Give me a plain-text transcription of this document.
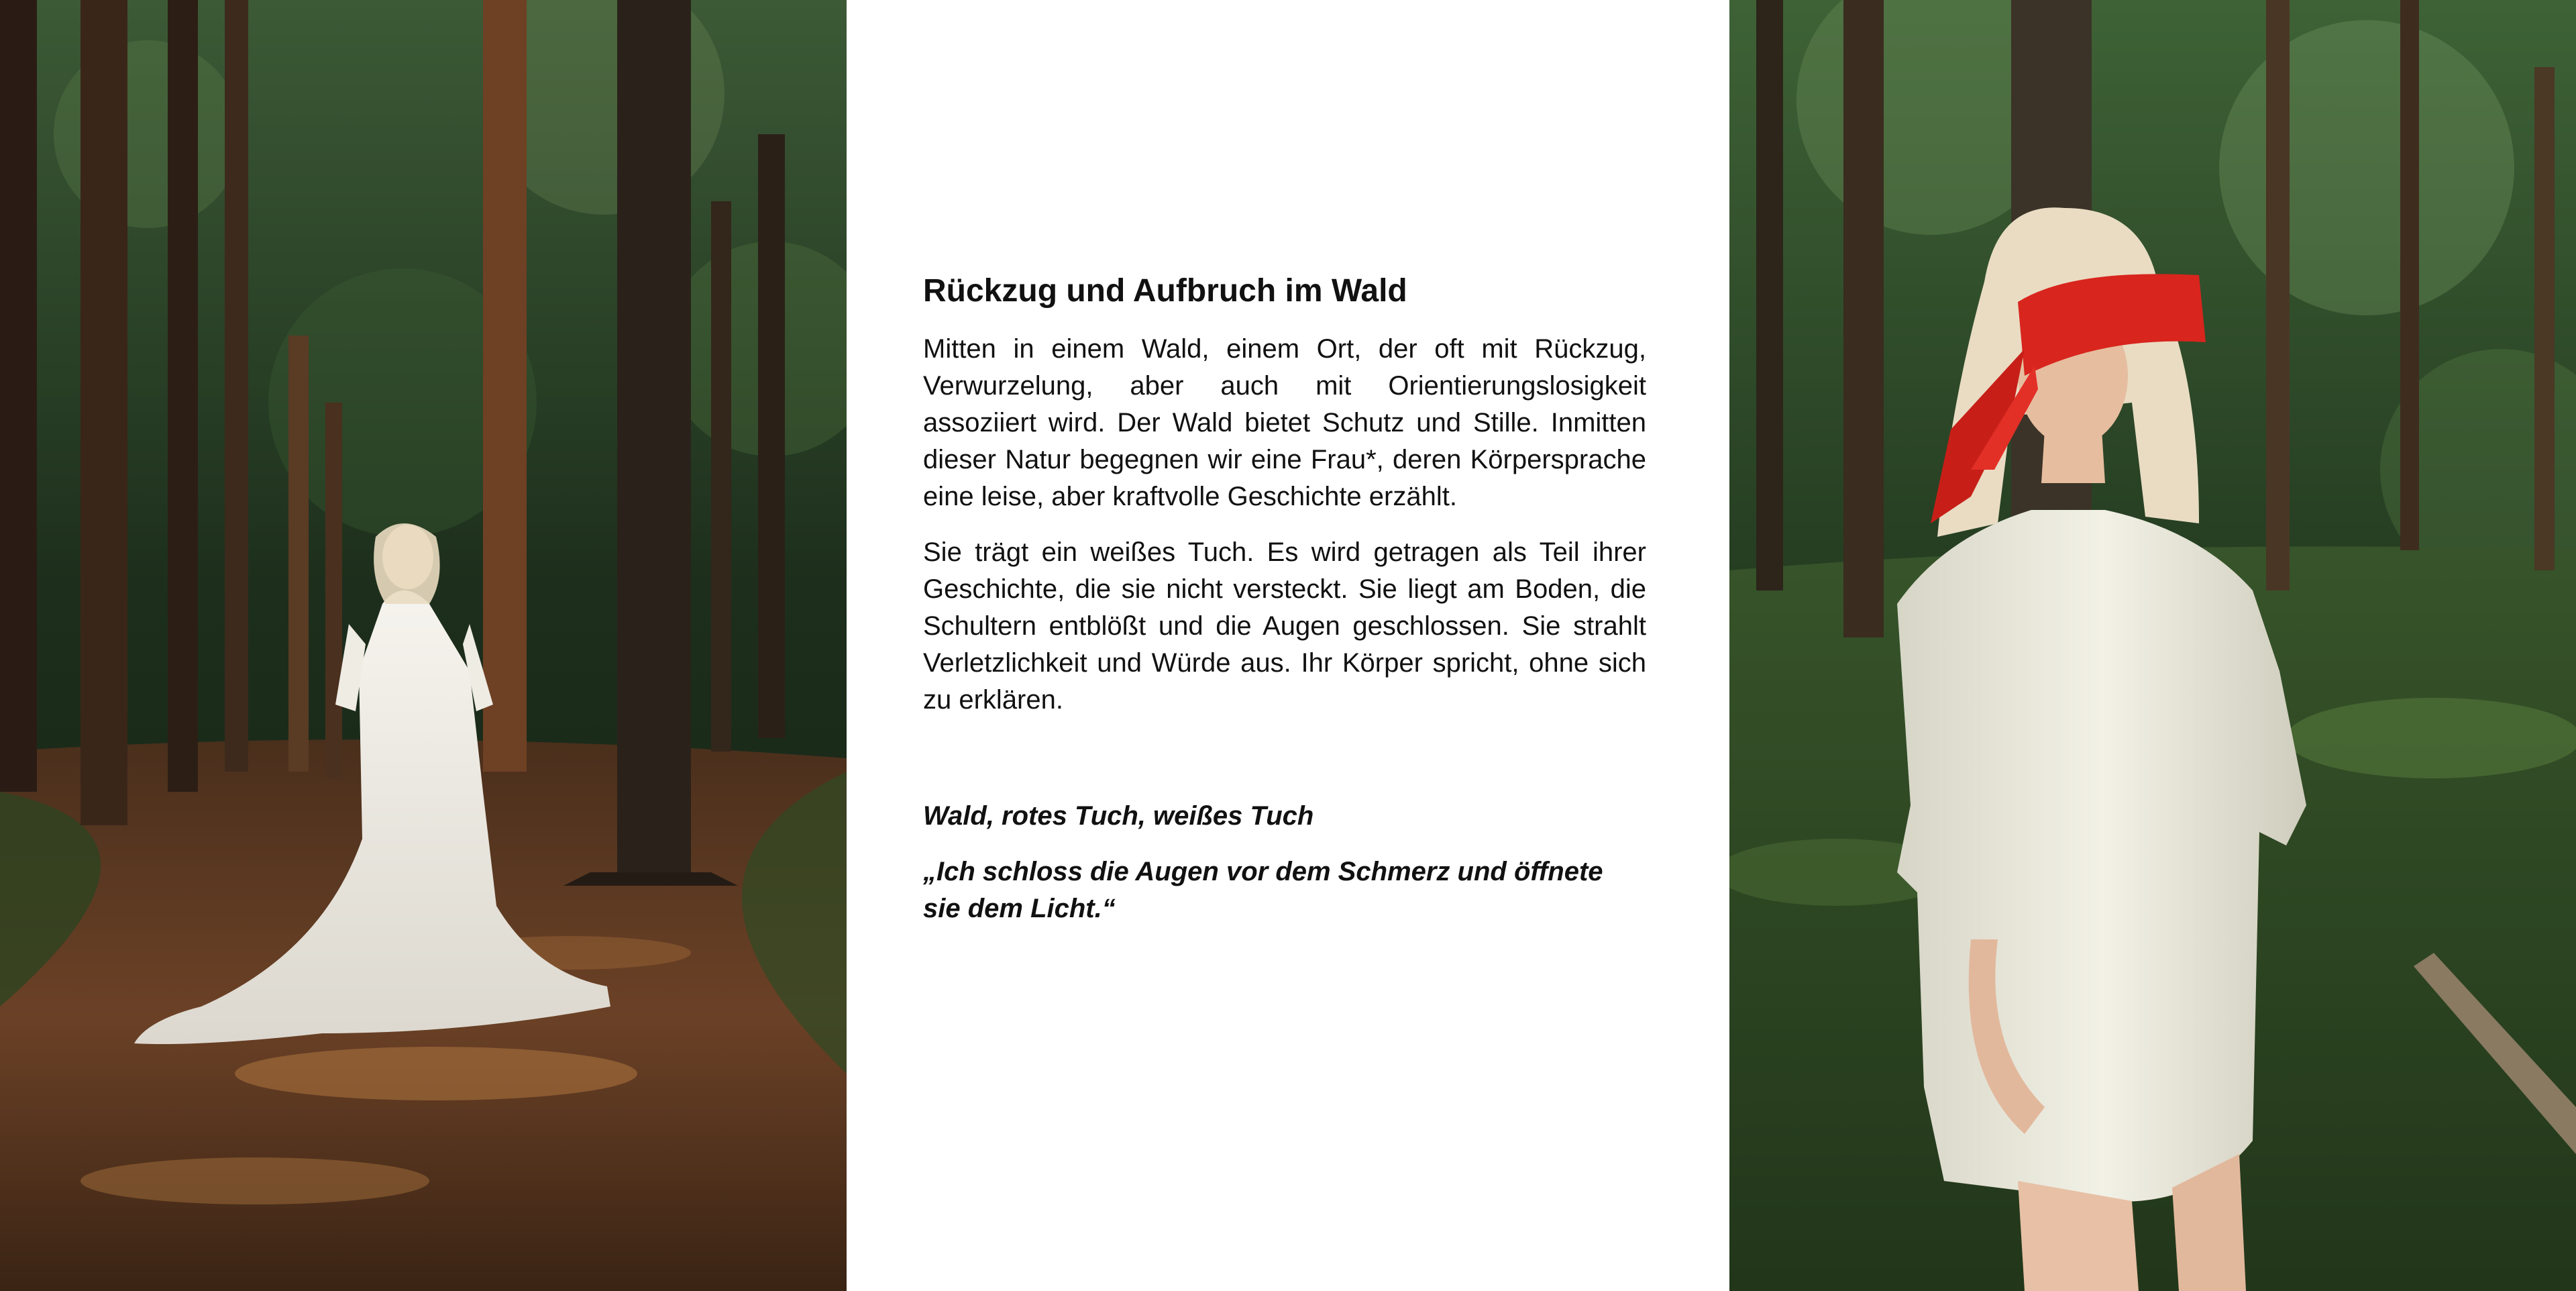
Rückzug und Aufbruch im Wald

Mitten in einem Wald, einem Ort, der oft mit Rückzug, Verwurzelung, aber auch mit Orientierungslosigkeit assoziiert wird. Der Wald bietet Schutz und Stille. Inmitten dieser Natur begegnen wir eine Frau*, deren Körpersprache eine leise, aber kraftvolle Geschichte erzählt.

Sie trägt ein weißes Tuch. Es wird getragen als Teil ihrer Geschichte, die sie nicht versteckt. Sie liegt am Boden, die Schultern entblößt und die Augen geschlossen. Sie strahlt Verletzlichkeit und Würde aus. Ihr Körper spricht, ohne sich zu erklären.

Wald, rotes Tuch, weißes Tuch

„Ich schloss die Augen vor dem Schmerz und öffnete sie dem Licht.“
